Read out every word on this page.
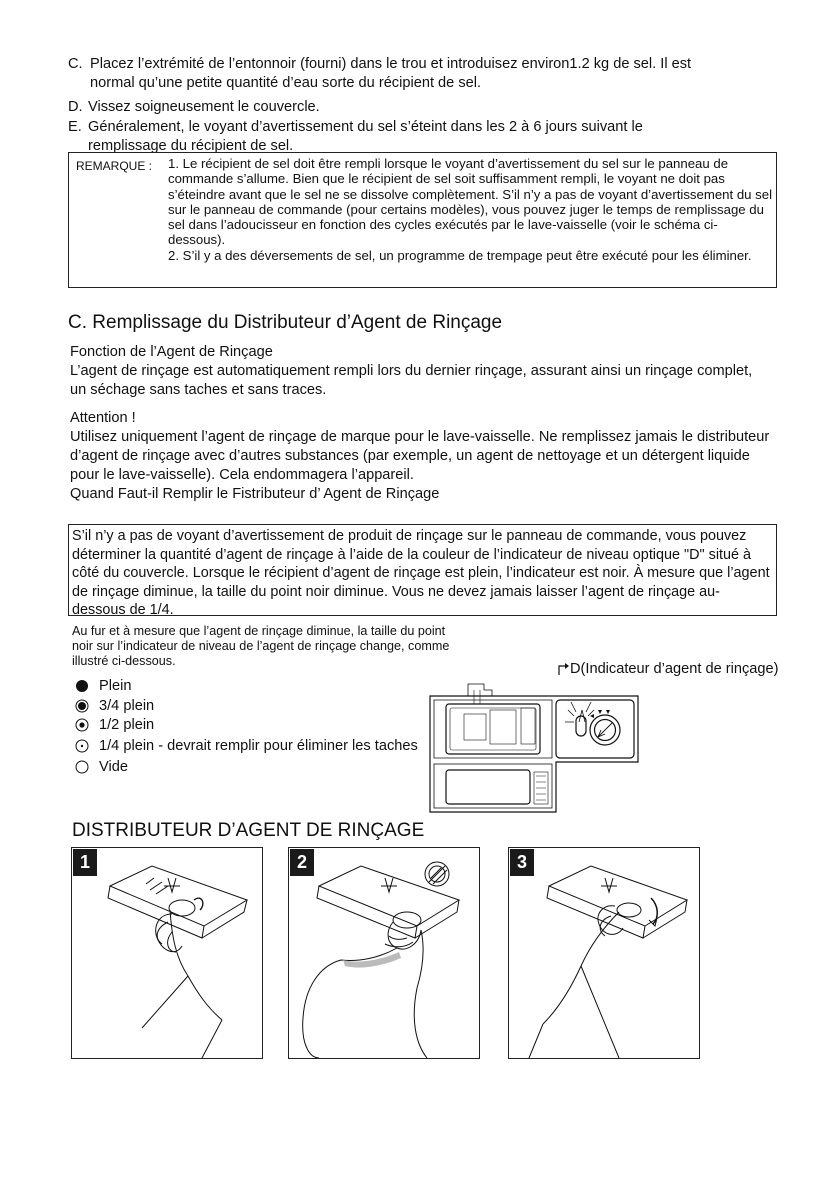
C. Placez l’extrémité de l’entonnoir (fourni) dans le trou et introduisez environ1.2 kg de sel. Il est
normal qu’une petite quantité d’eau sorte du récipient de sel.
D. Vissez soigneusement le couvercle.
E. Généralement, le voyant d’avertissement du sel s’éteint dans les 2 à 6 jours suivant le
remplissage du récipient de sel.
REMARQUE : 1. Le récipient de sel doit être rempli lorsque le voyant d’avertissement du sel sur le panneau de commande s’allume. Bien que le récipient de sel soit suffisamment rempli, le voyant ne doit pas s’éteindre avant que le sel ne se dissolve complètement. S’il n’y a pas de voyant d’avertissement du sel sur le panneau de commande (pour certains modèles), vous pouvez juger le temps de remplissage du sel dans l’adoucisseur en fonction des cycles exécutés par le lave-vaisselle (voir le schéma ci-dessous).

2. S’il y a des déversements de sel, un programme de trempage peut être exécuté pour les éliminer.

C. Remplissage du Distributeur d’Agent de Rinçage
Fonction de l’Agent de Rinçage
L’agent de rinçage est automatiquement rempli lors du dernier rinçage, assurant ainsi un rinçage complet, un séchage sans taches et sans traces.
Attention !
Utilisez uniquement l’agent de rinçage de marque pour le lave-vaisselle. Ne remplissez jamais le distributeur d’agent de rinçage avec d’autres substances (par exemple, un agent de nettoyage et un détergent liquide pour le lave-vaisselle). Cela endommagera l’appareil.
Quand Faut-il Remplir le Fistributeur d’ Agent de Rinçage
S’il n’y a pas de voyant d’avertissement de produit de rinçage sur le panneau de commande, vous pouvez déterminer la quantité d’agent de rinçage à l’aide de la couleur de l’indicateur de niveau optique "D" situé à côté du couvercle. Lorsque le récipient d’agent de rinçage est plein, l’indicateur est noir. À mesure que l’agent de rinçage diminue, la taille du point noir diminue. Vous ne devez jamais laisser l’agent de rinçage au-dessous de 1/4.
Au fur et à mesure que l’agent de rinçage diminue, la taille du point noir sur l’indicateur de niveau de l’agent de rinçage change, comme illustré ci-dessous.
Plein
3/4 plein
1/2 plein
1/4 plein - devrait remplir pour éliminer les taches
Vide
D(Indicateur d’agent de rinçage)
DISTRIBUTEUR D’AGENT DE RINÇAGE
1	2	3
